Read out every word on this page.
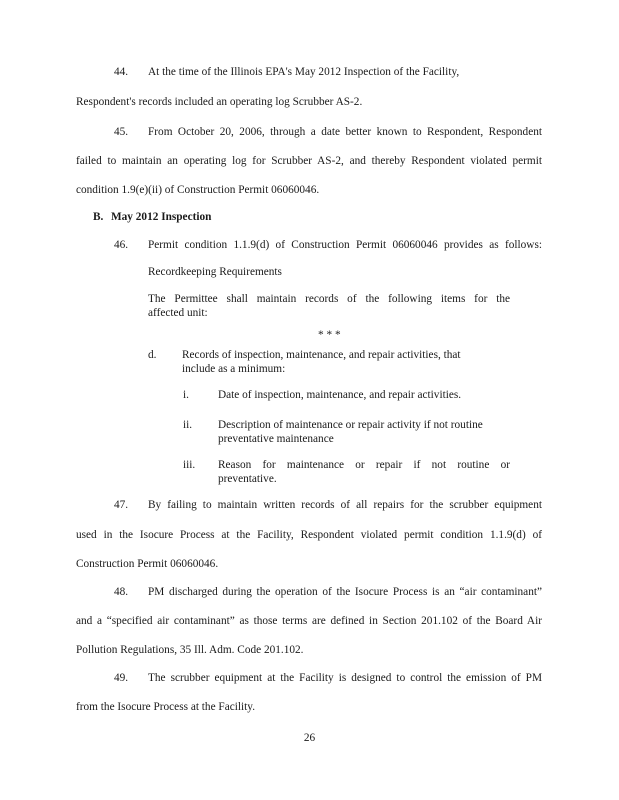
44. At the time of the Illinois EPA's May 2012 Inspection of the Facility,
Respondent's records included an operating log Scrubber AS-2.
45. From October 20, 2006, through a date better known to Respondent, Respondent
failed to maintain an operating log for Scrubber AS-2, and thereby Respondent violated permit
condition 1.9(e)(ii) of Construction Permit 06060046.
B. May 2012 Inspection
46. Permit condition 1.1.9(d) of Construction Permit 06060046 provides as follows:
Recordkeeping Requirements
The Permittee shall maintain records of the following items for the
affected unit:
* * *
d. Records of inspection, maintenance, and repair activities, that
include as a minimum:
i.	Date of inspection, maintenance, and repair activities.
ii. Description of maintenance or repair activity if not routine
preventative maintenance
iii. Reason for maintenance or repair if not routine or
preventative.
47. By failing to maintain written records of all repairs for the scrubber equipment
used in the Isocure Process at the Facility, Respondent violated permit condition 1.1.9(d) of
Construction Permit 06060046.
48. PM discharged during the operation of the Isocure Process is an “air contaminant”
and a “specified air contaminant” as those terms are defined in Section 201.102 of the Board Air
Pollution Regulations, 35 Ill. Adm. Code 201.102.
49. The scrubber equipment at the Facility is designed to control the emission of PM
from the Isocure Process at the Facility.
26
